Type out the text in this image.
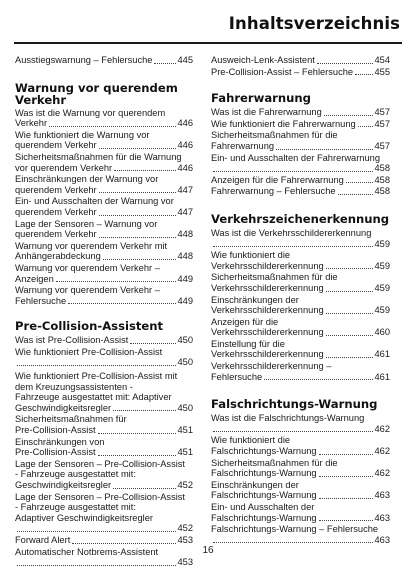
Inhaltsverzeichnis
Ausstiegswarnung – Fehlersuche	445
Warnung vor querendem
Verkehr
Was ist die Warnung vor querendem
Verkehr	446
Wie funktioniert die Warnung vor
querendem Verkehr	446
Sicherheitsmaßnahmen für die Warnung
vor querendem Verkehr	446
Einschränkungen der Warnung vor
querendem Verkehr	447
Ein- und Ausschalten der Warnung vor
querendem Verkehr	447
Lage der Sensoren – Warnung vor
querendem Verkehr	448
Warnung vor querendem Verkehr mit
Anhängerabdeckung	448
Warnung vor querendem Verkehr –
Anzeigen	449
Warnung vor querendem Verkehr –
Fehlersuche	449
Pre-Collision-Assistent
Was ist Pre-Collision-Assist	450
Wie funktioniert Pre-Collision-Assist
450
Wie funktioniert Pre-Collision-Assist mit
dem Kreuzungsassistenten -
Fahrzeuge ausgestattet mit: Adaptiver
Geschwindigkeitsregler	450
Sicherheitsmaßnahmen für
Pre-Collision-Assist	451
Einschränkungen von
Pre-Collision-Assist	451
Lage der Sensoren – Pre-Collision-Assist
- Fahrzeuge ausgestattet mit:
Geschwindigkeitsregler	452
Lage der Sensoren – Pre-Collision-Assist
- Fahrzeuge ausgestattet mit:
Adaptiver Geschwindigkeitsregler
452
Forward Alert	453
Automatischer Notbrems-Assistent
453
Ausweich-Lenk-Assistent	454
Pre-Collision-Assist – Fehlersuche 455
Fahrerwarnung
Was ist die Fahrerwarnung	457
Wie funktioniert die Fahrerwarnung 457
Sicherheitsmaßnahmen für die
Fahrerwarnung	457
Ein- und Ausschalten der Fahrerwarnung
458
Anzeigen für die Fahrerwarnung	458
Fahrerwarnung – Fehlersuche	458
Verkehrszeichenerkennung
Was ist die Verkehrsschildererkennung
459
Wie funktioniert die
Verkehrsschildererkennung	459
Sicherheitsmaßnahmen für die
Verkehrsschildererkennung	459
Einschränkungen der
Verkehrsschildererkennung	459
Anzeigen für die
Verkehrsschildererkennung	460
Einstellung für die
Verkehrsschildererkennung	461
Verkehrsschildererkennung –
Fehlersuche	461
Falschrichtungs-Warnung
Was ist die Falschrichtungs-Warnung
462
Wie funktioniert die
Falschrichtungs-Warnung	462
Sicherheitsmaßnahmen für die
Falschrichtungs-Warnung	462
Einschränkungen der
Falschrichtungs-Warnung	463
Ein- und Ausschalten der
Falschrichtungs-Warnung	463
Falschrichtungs-Warnung – Fehlersuche
463
16
